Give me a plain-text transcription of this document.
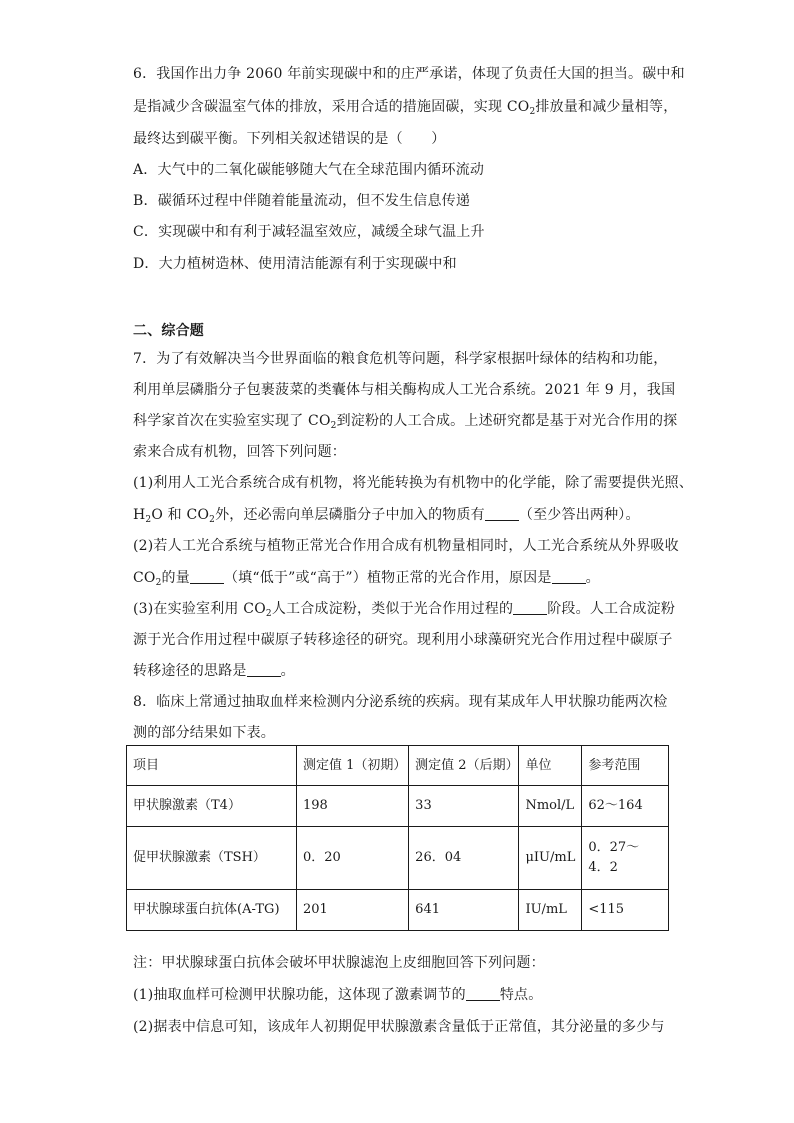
6．我国作出力争 2060 年前实现碳中和的庄严承诺，体现了负责任大国的担当。碳中和
是指减少含碳温室气体的排放，采用合适的措施固碳，实现 $CO_2$排放量和减少量相等，
最终达到碳平衡。下列相关叙述错误的是（　　）
A．大气中的二氧化碳能够随大气在全球范围内循环流动
B．碳循环过程中伴随着能量流动，但不发生信息传递
C．实现碳中和有利于减轻温室效应，减缓全球气温上升
D．大力植树造林、使用清洁能源有利于实现碳中和
二、综合题
7．为了有效解决当今世界面临的粮食危机等问题，科学家根据叶绿体的结构和功能，
利用单层磷脂分子包裹菠菜的类囊体与相关酶构成人工光合系统。2021 年 9 月，我国
科学家首次在实验室实现了 $CO_2$到淀粉的人工合成。上述研究都是基于对光合作用的探
索来合成有机物，回答下列问题：
(1)利用人工光合系统合成有机物，将光能转换为有机物中的化学能，除了需要提供光照、
$H_2O$ 和 $CO_2$外，还必需向单层磷脂分子中加入的物质有 （至少答出两种）。
(2)若人工光合系统与植物正常光合作用合成有机物量相同时，人工光合系统从外界吸收
$CO_2$的量 （填“低于”或“高于”）植物正常的光合作用，原因是 。
(3)在实验室利用 $CO_2$人工合成淀粉，类似于光合作用过程的 阶段。人工合成淀粉
源于光合作用过程中碳原子转移途径的研究。现利用小球藻研究光合作用过程中碳原子
转移途径的思路是 。
8．临床上常通过抽取血样来检测内分泌系统的疾病。现有某成年人甲状腺功能两次检
测的部分结果如下表。
项目	测定值 1（初期）	测定值 2（后期）	单位	参考范围
甲状腺激素（T4）	198	33	Nmol/L	62～164
促甲状腺激素（TSH）	0．20	26．04	μIU/mL	0．27～
4．2

甲状腺球蛋白抗体(A-TG)	201	641	IU/mL	<115
注：甲状腺球蛋白抗体会破坏甲状腺滤泡上皮细胞回答下列问题：
(1)抽取血样可检测甲状腺功能，这体现了激素调节的 特点。
(2)据表中信息可知，该成年人初期促甲状腺激素含量低于正常值，其分泌量的多少与
